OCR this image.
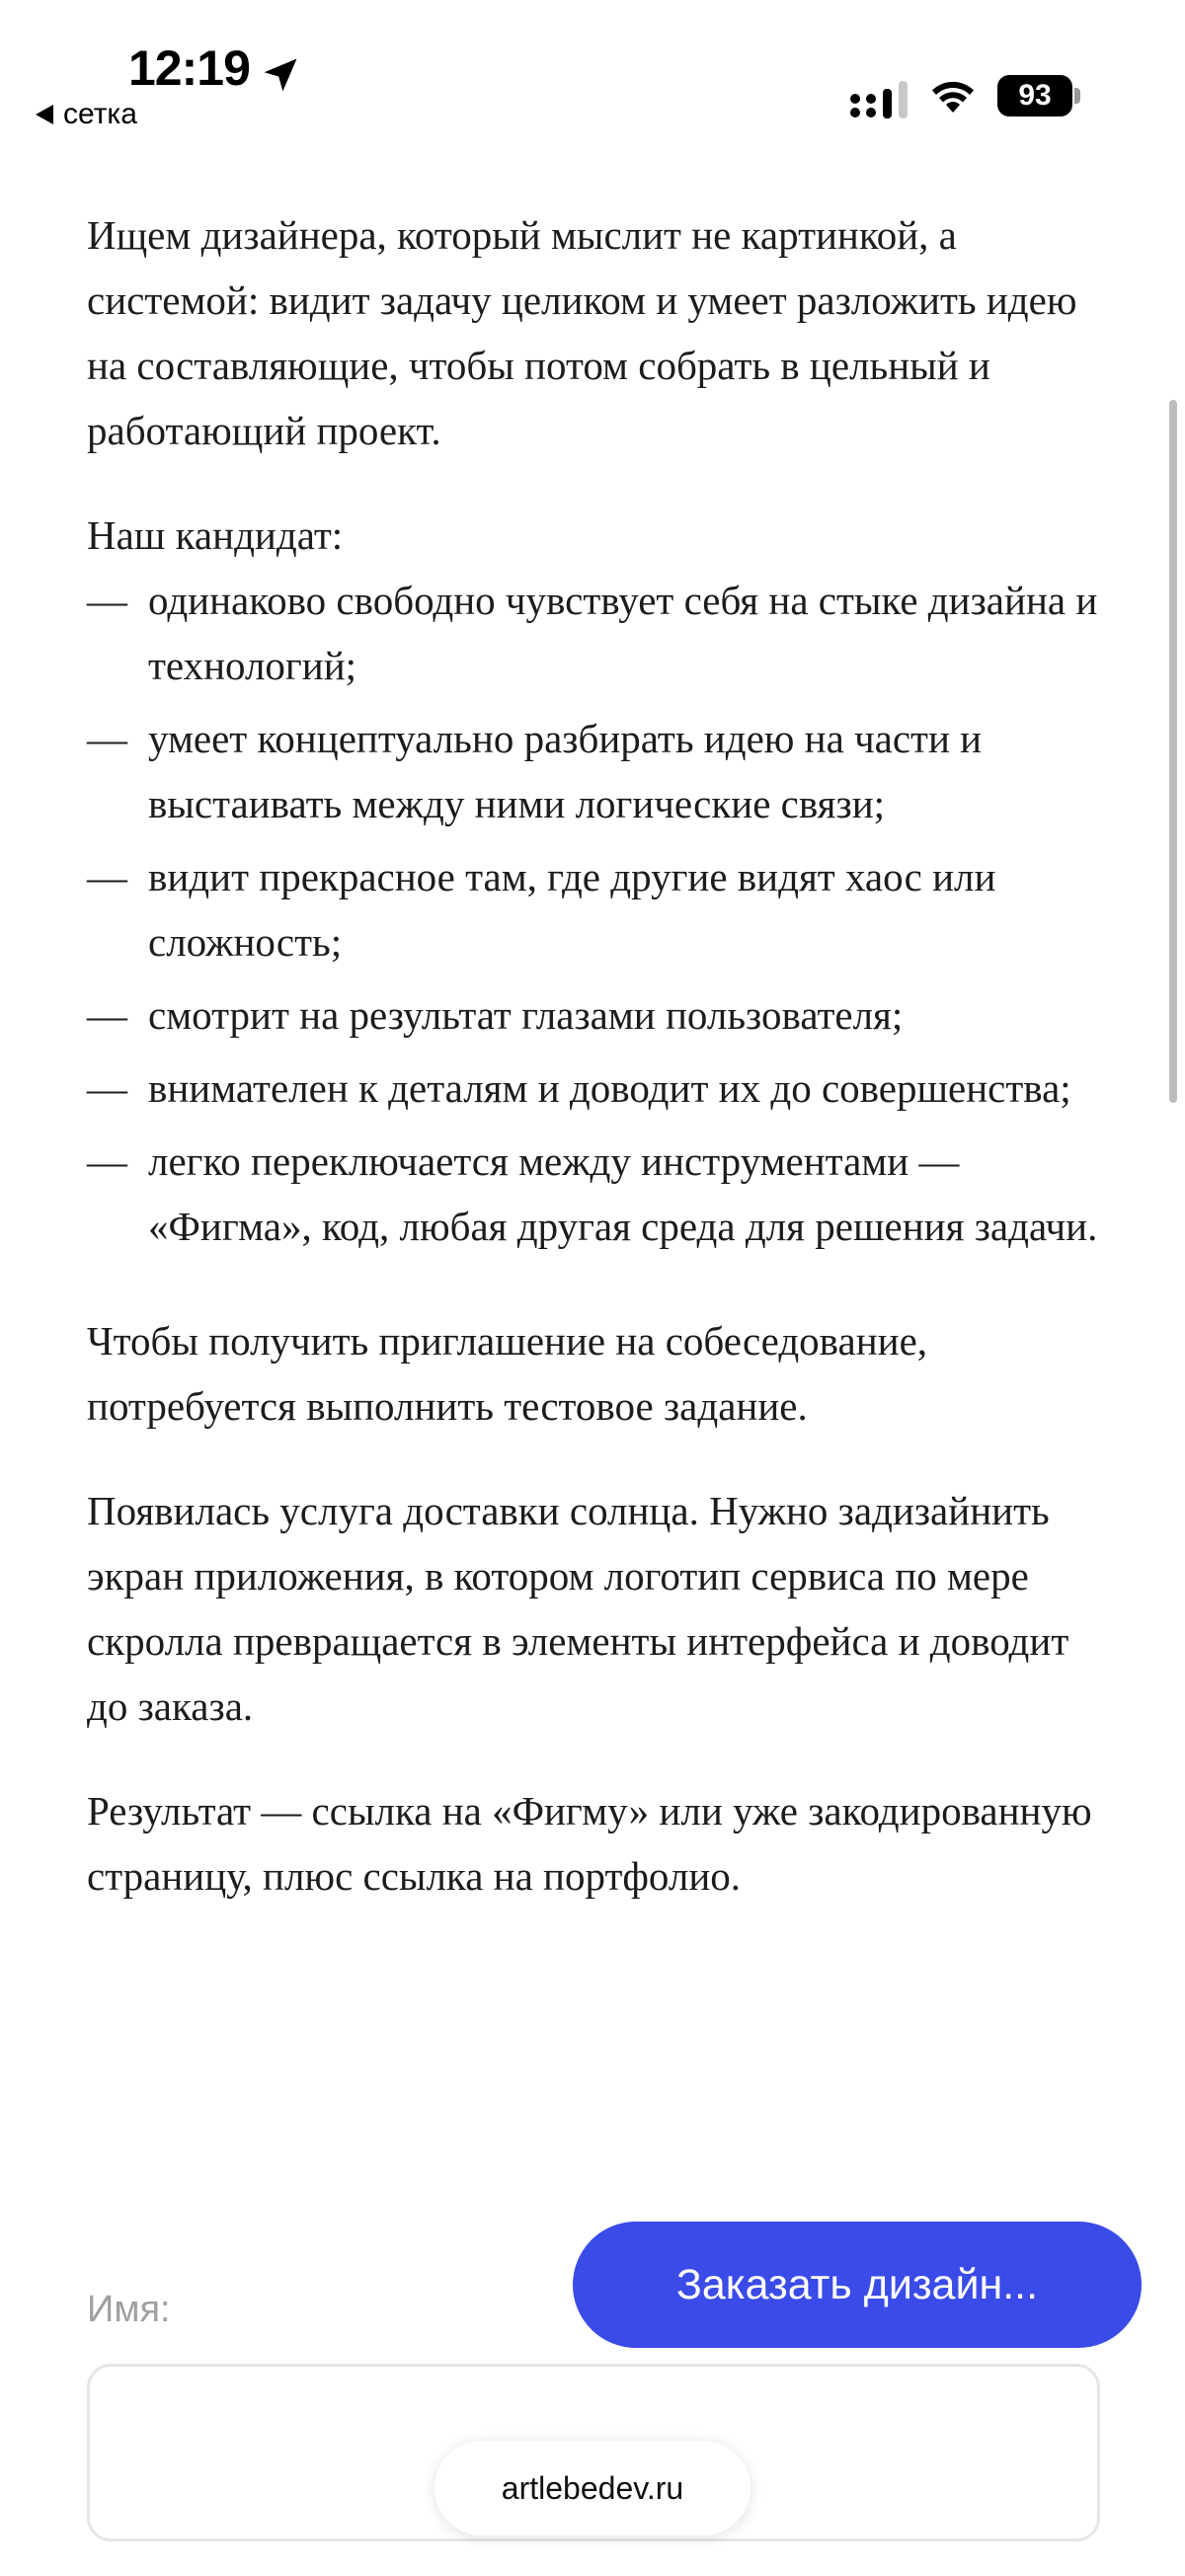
12:19
сетка
93

Ищем дизайнера, который мыслит не картинкой, а системой: видит задачу целиком и умеет разложить идею на составляющие, чтобы потом собрать в цельный и работающий проект.

Наш кандидат:

— одинаково свободно чувствует себя на стыке дизайна и технологий;
— умеет концептуально разбирать идею на части и выстаивать между ними логические связи;
— видит прекрасное там, где другие видят хаос или сложность;
— смотрит на результат глазами пользователя;
— внимателен к деталям и доводит их до совершенства;
— легко переключается между инструментами — «Фигма», код, любая другая среда для решения задачи.

Чтобы получить приглашение на собеседование, потребуется выполнить тестовое задание.

Появилась услуга доставки солнца. Нужно задизайнить экран приложения, в котором логотип сервиса по мере скролла превращается в элементы интерфейса и доводит до заказа.

Результат — ссылка на «Фигму» или уже закодированную страницу, плюс ссылка на портфолио.

Имя:
Заказать дизайн...
artlebedev.ru
